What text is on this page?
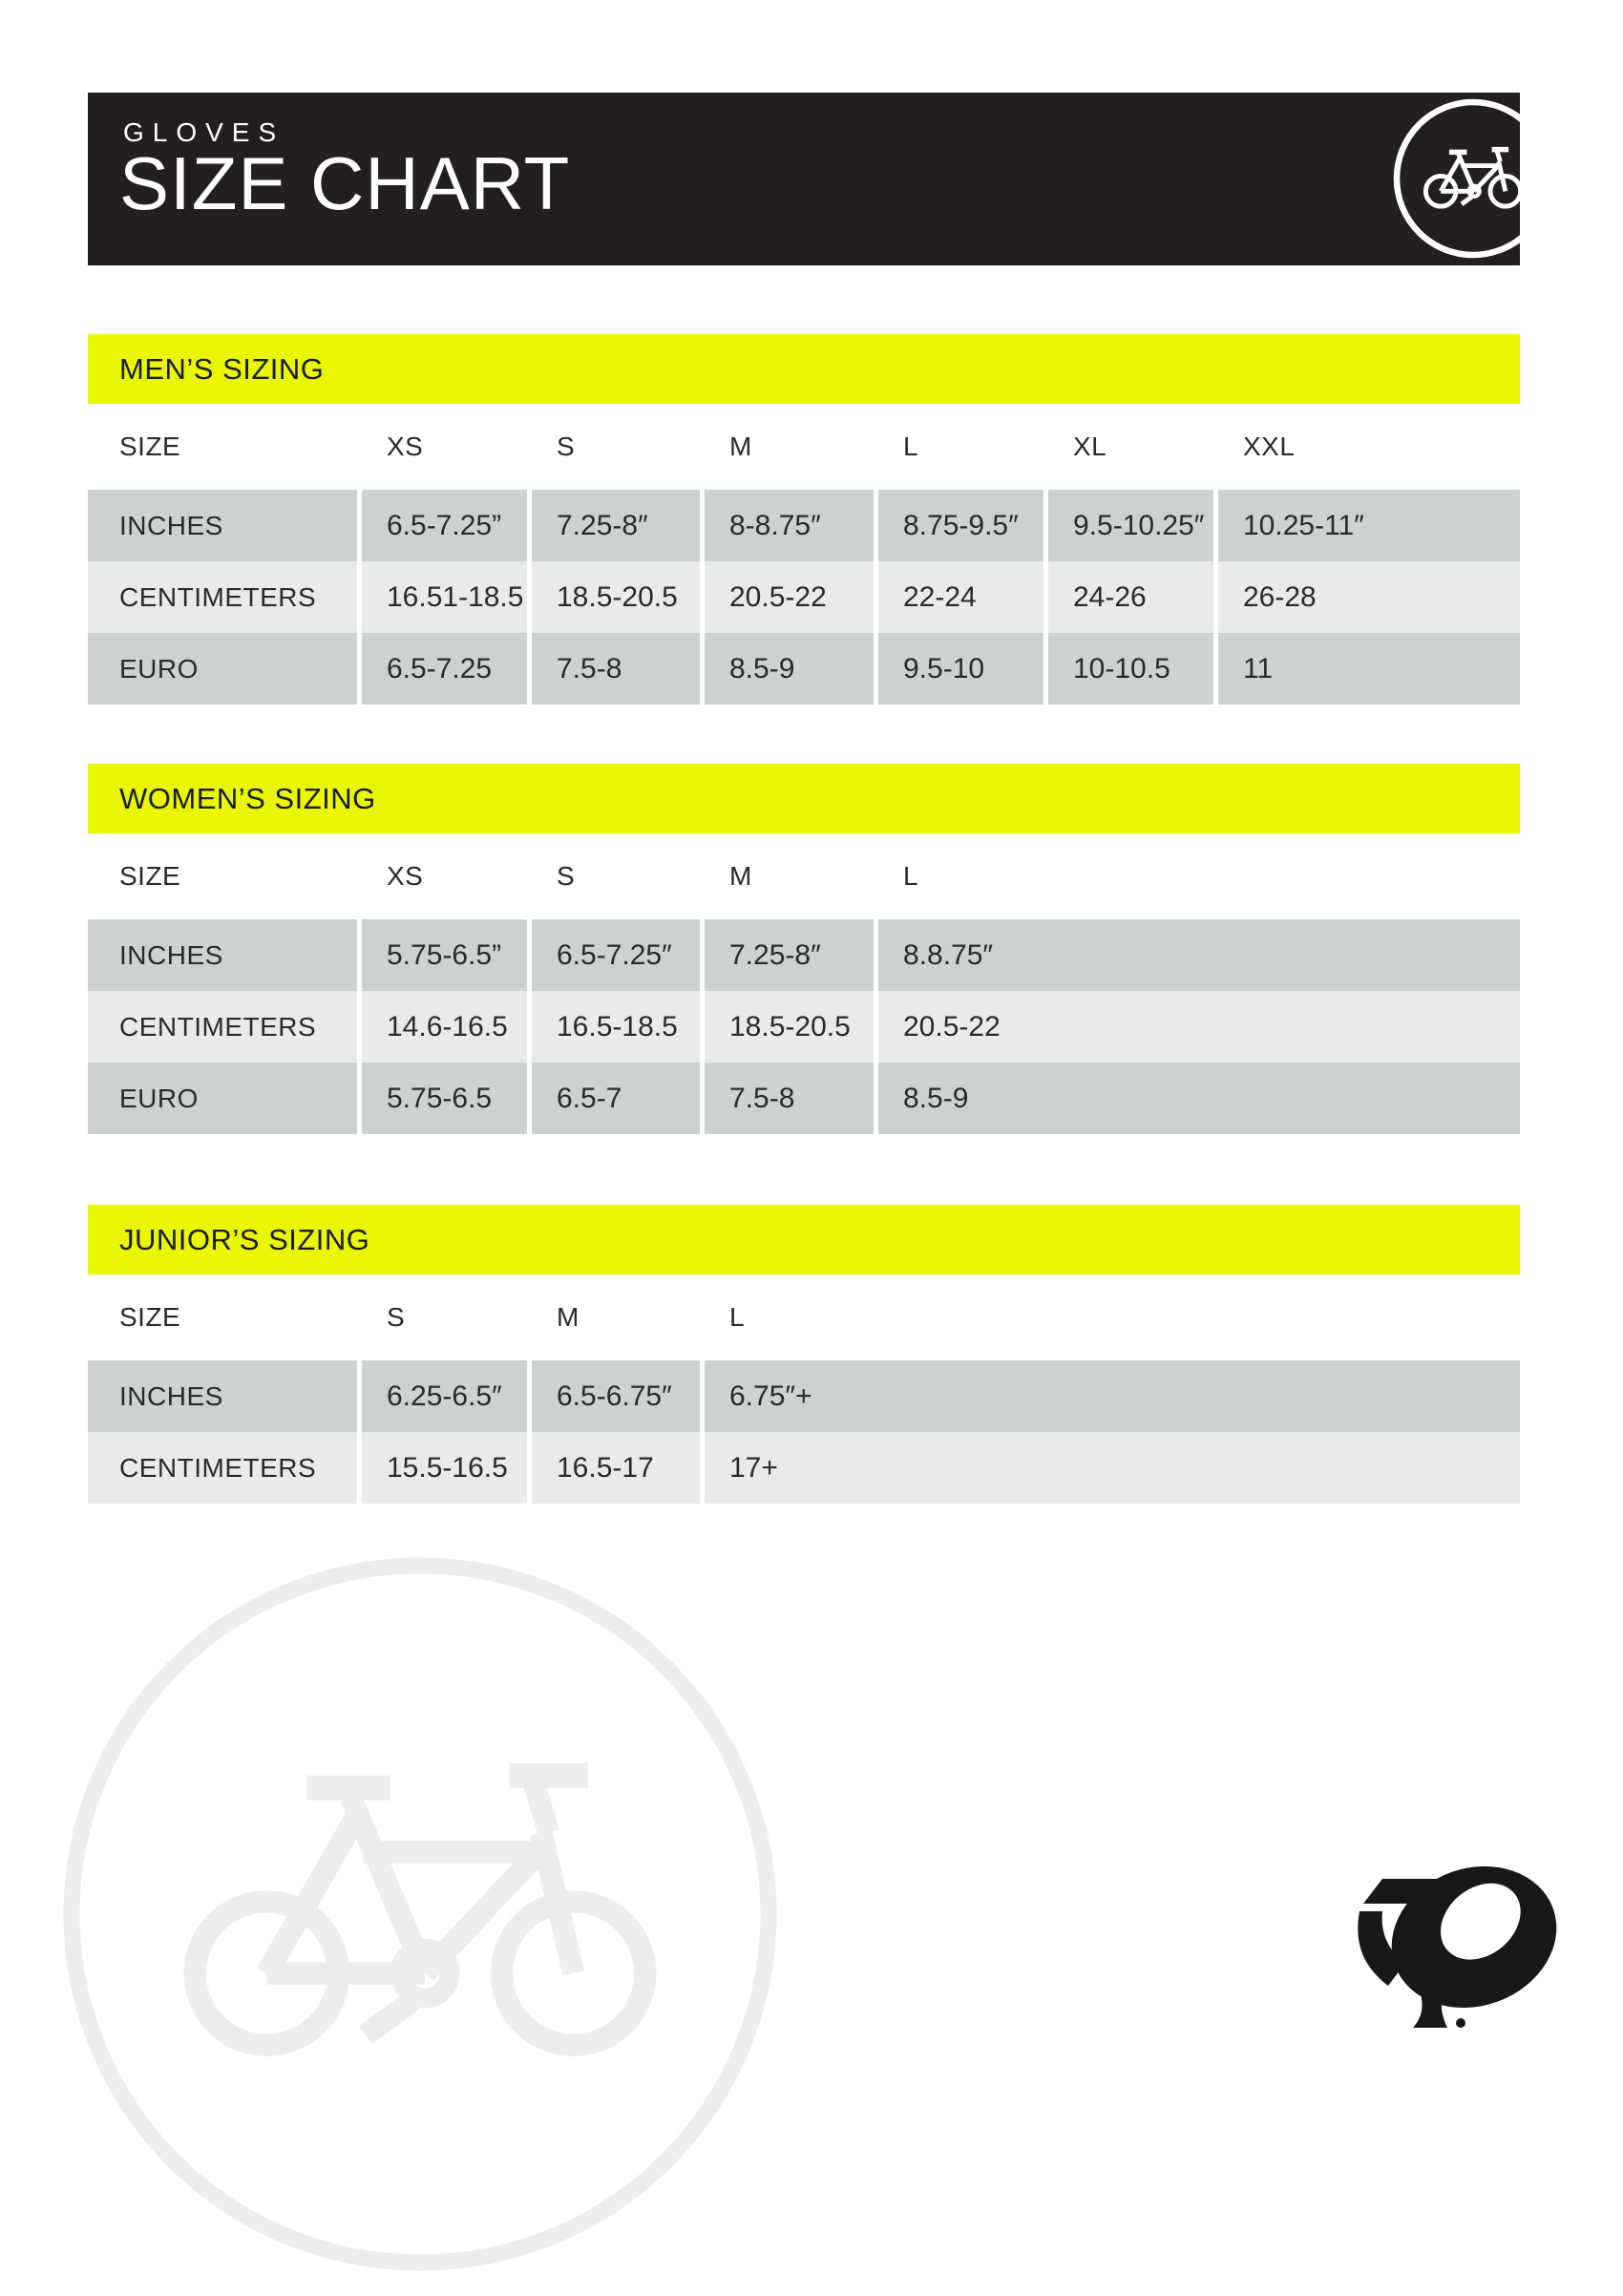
GLOVES
SIZE CHART
MEN’S SIZING
SIZE	XS	S	M	L	XL	XXL
INCHES	6.5-7.25”	7.25-8″	8-8.75″	8.75-9.5″	9.5-10.25″	10.25-11″
CENTIMETERS	16.51-18.5	18.5-20.5	20.5-22	22-24	24-26	26-28
EURO	6.5-7.25	7.5-8	8.5-9	9.5-10	10-10.5	11
WOMEN’S SIZING
SIZE	XS	S	M	L
INCHES	5.75-6.5”	6.5-7.25″	7.25-8″	8.8.75″
CENTIMETERS	14.6-16.5	16.5-18.5	18.5-20.5	20.5-22
EURO	5.75-6.5	6.5-7	7.5-8	8.5-9
JUNIOR’S SIZING
SIZE	S	M	L
INCHES	6.25-6.5″	6.5-6.75″	6.75″+
CENTIMETERS	15.5-16.5	16.5-17	17+
